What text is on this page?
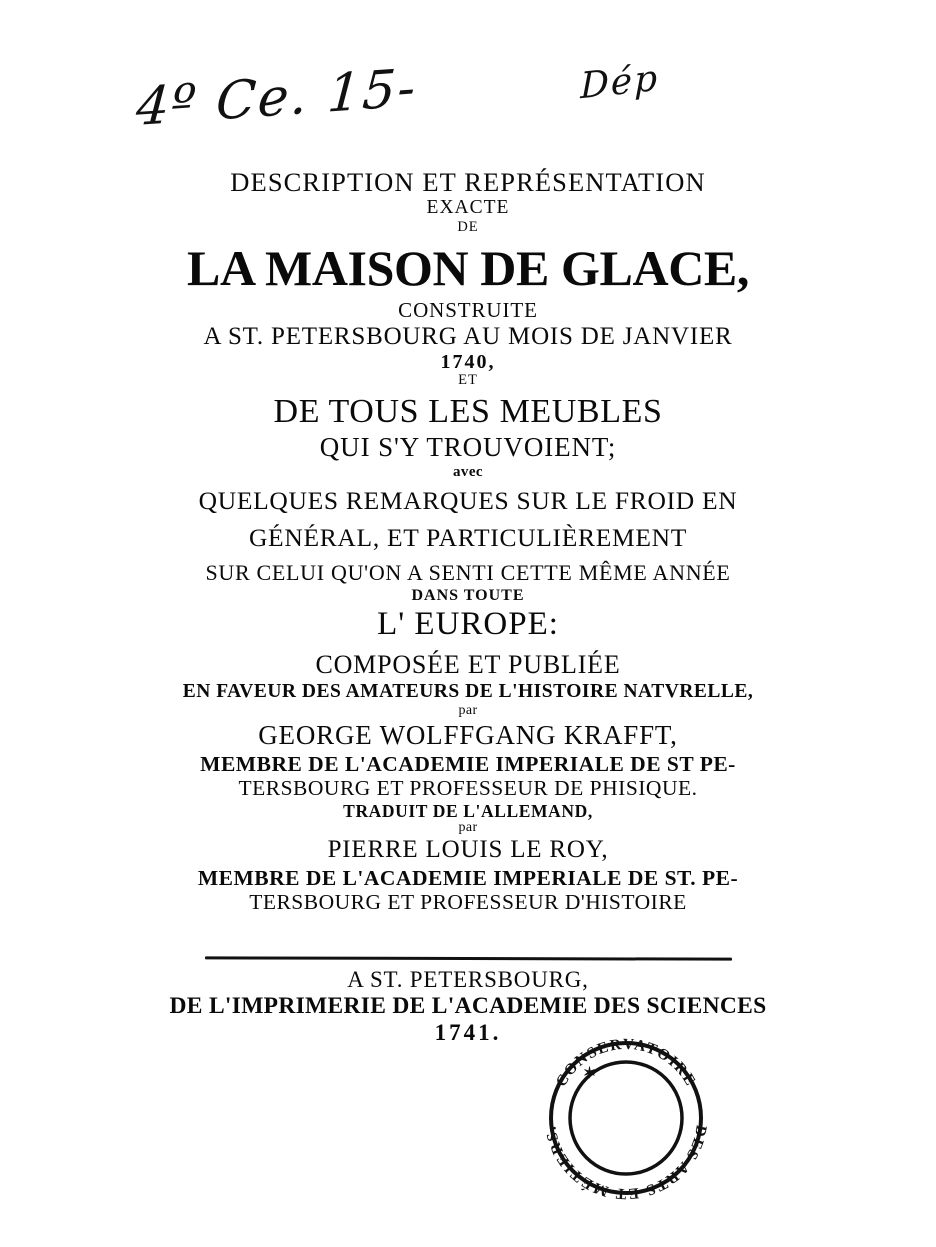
4º Ce. 15-	Dép
DESCRIPTION ET REPRÉSENTATION
EXACTE
DE
LA MAISON DE GLACE,
CONSTRUITE
A ST. PETERSBOURG AU MOIS DE JANVIER
1740,
ET
DE TOUS LES MEUBLES
QUI S'Y TROUVOIENT;
avec
QUELQUES REMARQUES SUR LE FROID EN
GÉNÉRAL, ET PARTICULIÈREMENT
SUR CELUI QU'ON A SENTI CETTE MÊME ANNÉE
DANS TOUTE
L' EUROPE:
COMPOSÉE ET PUBLIÉE
EN FAVEUR DES AMATEURS DE L'HISTOIRE NATVRELLE,
par
GEORGE WOLFFGANG KRAFFT,
MEMBRE DE L'ACADEMIE IMPERIALE DE ST PE-
TERSBOURG ET PROFESSEUR DE PHISIQUE.
TRADUIT DE L'ALLEMAND,
par
PIERRE LOUIS LE ROY,
MEMBRE DE L'ACADEMIE IMPERIALE DE ST. PE-
TERSBOURG ET PROFESSEUR D'HISTOIRE
A ST. PETERSBOURG,
DE L'IMPRIMERIE DE L'ACADEMIE DES SCIENCES
1741.
CONSERVATOIRE
DES ARTS ET MÉTIERS.
✶
